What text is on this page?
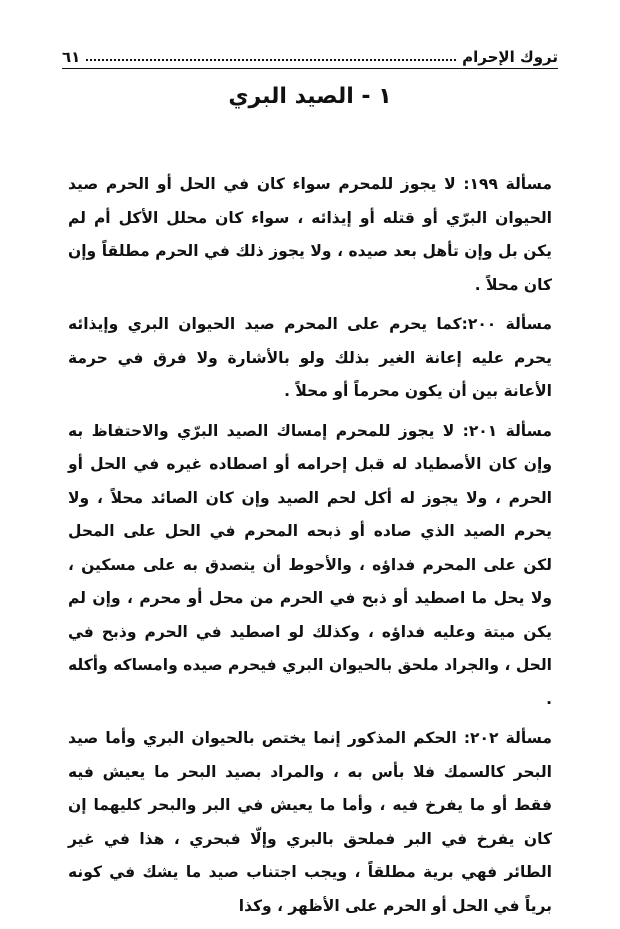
تروك الإحرام
٦١
١ - الصيد البري

مسألة ١٩٩: لا يجوز للمحرم سواء كان في الحل أو الحرم صيد الحيوان البرّي أو قتله أو إيذائه ، سواء كان محلل الأكل أم لم يكن بل وإن تأهل بعد صيده ، ولا يجوز ذلك في الحرم مطلقاً وإن كان محلاً .

مسألة ٢٠٠:كما يحرم على المحرم صيد الحيوان البري وإيذائه يحرم عليه إعانة الغير بذلك ولو بالأشارة ولا فرق في حرمة الأعانة بين أن يكون محرماً أو محلاً .

مسألة ٢٠١: لا يجوز للمحرم إمساك الصيد البرّي والاحتفاظ به وإن كان الأصطياد له قبل إحرامه أو اصطاده غيره في الحل أو الحرم ، ولا يجوز له أكل لحم الصيد وإن كان الصائد محلاً ، ولا يحرم الصيد الذي صاده أو ذبحه المحرم في الحل على المحل لكن على المحرم فداؤه ، والأحوط أن يتصدق به على مسكين ، ولا يحل ما اصطيد أو ذبح في الحرم من محل أو محرم ، وإن لم يكن ميتة وعليه فداؤه ، وكذلك لو اصطيد في الحرم وذبح في الحل ، والجراد ملحق بالحيوان البري فيحرم صيده وامساكه وأكله .

مسألة ٢٠٢: الحكم المذكور إنما يختص بالحيوان البري وأما صيد البحر كالسمك فلا بأس به ، والمراد بصيد البحر ما يعيش فيه فقط أو ما يفرخ فيه ، وأما ما يعيش في البر والبحر كليهما إن كان يفرخ في البر فملحق بالبري وإلّا فبحري ، هذا في غير الطائر فهي برية مطلقاً ، ويجب اجتناب صيد ما يشك في كونه برياً في الحل أو الحرم على الأظهر ، وكذا
